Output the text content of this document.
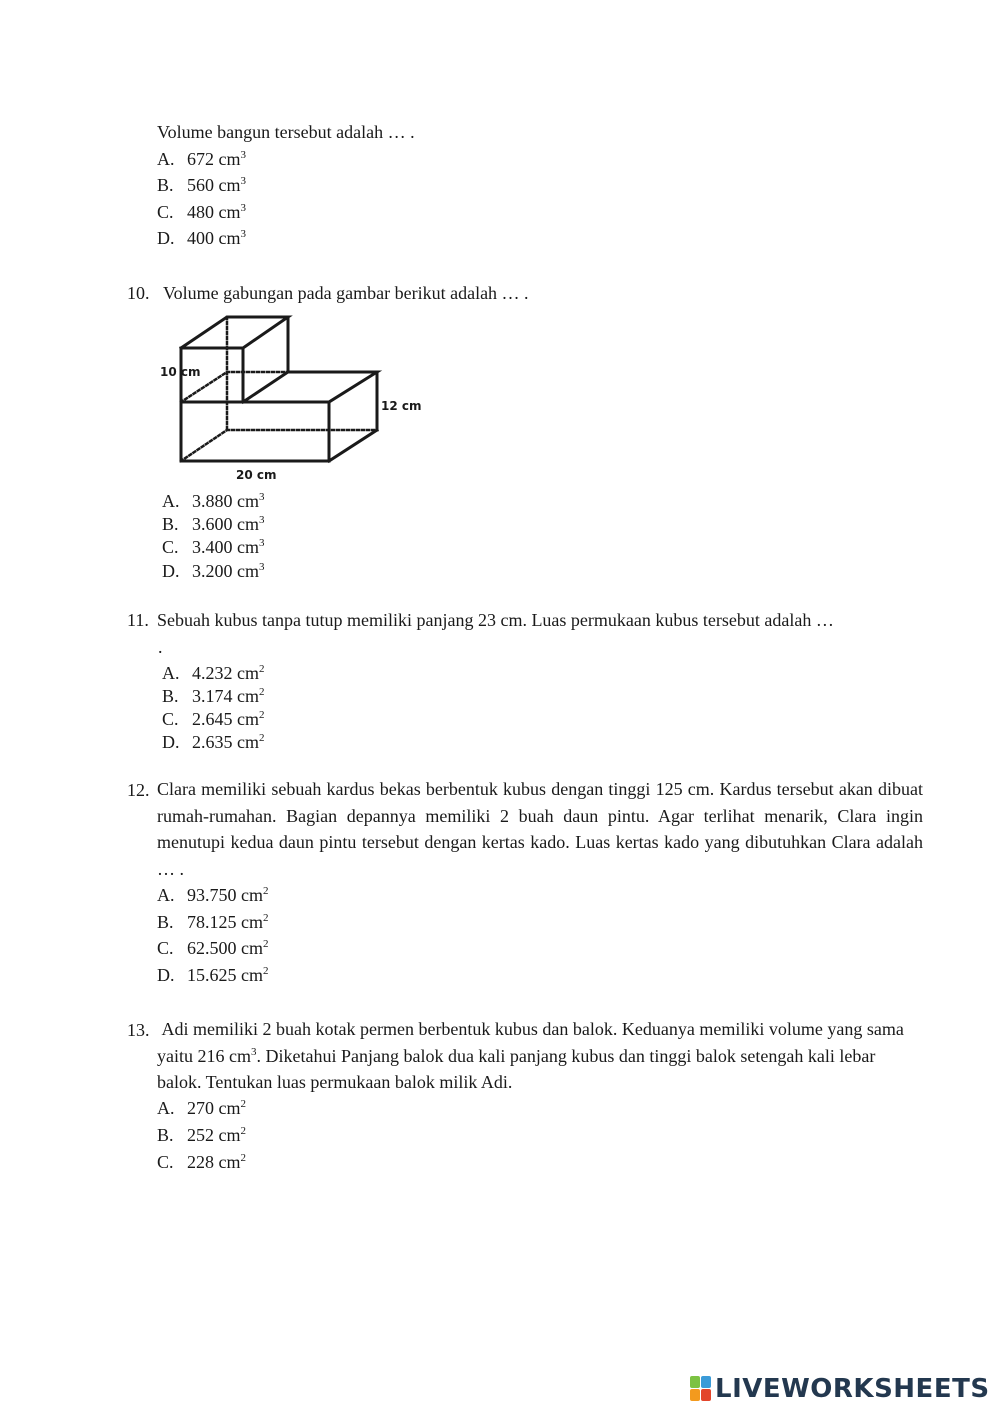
Volume bangun tersebut adalah … .
A. 672 $cm^3$
B. 560 $cm^3$
C. 480 $cm^3$
D. 400 $cm^3$
10. Volume gabungan pada gambar berikut adalah … .
10 cm
12 cm
20 cm
A. 3.880 $cm^3$
B. 3.600 $cm^3$
C. 3.400 $cm^3$
D. 3.200 $cm^3$
11. Sebuah kubus tanpa tutup memiliki panjang 23 cm. Luas permukaan kubus tersebut adalah …
.
A. 4.232 $cm^2$
B. 3.174 $cm^2$
C. 2.645 $cm^2$
D. 2.635 $cm^2$
12. Clara memiliki sebuah kardus bekas berbentuk kubus dengan tinggi 125 cm. Kardus tersebut akan dibuat rumah-rumahan. Bagian depannya memiliki 2 buah daun pintu. Agar terlihat menarik, Clara ingin menutupi kedua daun pintu tersebut dengan kertas kado. Luas kertas kado yang dibutuhkan Clara adalah … .
A. 93.750 $cm^2$
B. 78.125 $cm^2$
C. 62.500 $cm^2$
D. 15.625 $cm^2$
13. Adi memiliki 2 buah kotak permen berbentuk kubus dan balok. Keduanya memiliki volume yang sama yaitu 216 $cm^3$. Diketahui Panjang balok dua kali panjang kubus dan tinggi balok setengah kali lebar balok. Tentukan luas permukaan balok milik Adi.
A. 270 $cm^2$
B. 252 $cm^2$
C. 228 $cm^2$
LIVEWORKSHEETS
